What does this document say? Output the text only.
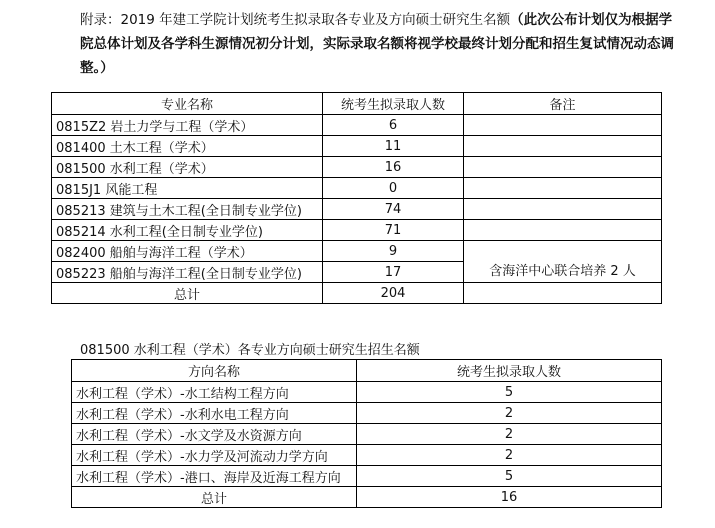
附录：2019 年建工学院计划统考生拟录取各专业及方向硕士研究生名额（此次公布计划仅为根据学院总体计划及各学科生源情况初分计划，实际录取名额将视学校最终计划分配和招生复试情况动态调整。）
专业名称	统考生拟录取人数	备注
0815Z2 岩土力学与工程（学术）	6	
081400 土木工程（学术）	11	
081500 水利工程（学术）	16	
0815J1 风能工程	0	
085213 建筑与土木工程(全日制专业学位)	74	
085214 水利工程(全日制专业学位)	71	
082400 船舶与海洋工程（学术）	9	含海洋中心联合培养 2 人
085223 船舶与海洋工程(全日制专业学位)	17	
总计	204	
081500 水利工程（学术）各专业方向硕士研究生招生名额
方向名称	统考生拟录取人数
水利工程（学术）-水工结构工程方向	5
水利工程（学术）-水利水电工程方向	2
水利工程（学术）-水文学及水资源方向	2
水利工程（学术）-水力学及河流动力学方向	2
水利工程（学术）-港口、海岸及近海工程方向	5
总计	16
